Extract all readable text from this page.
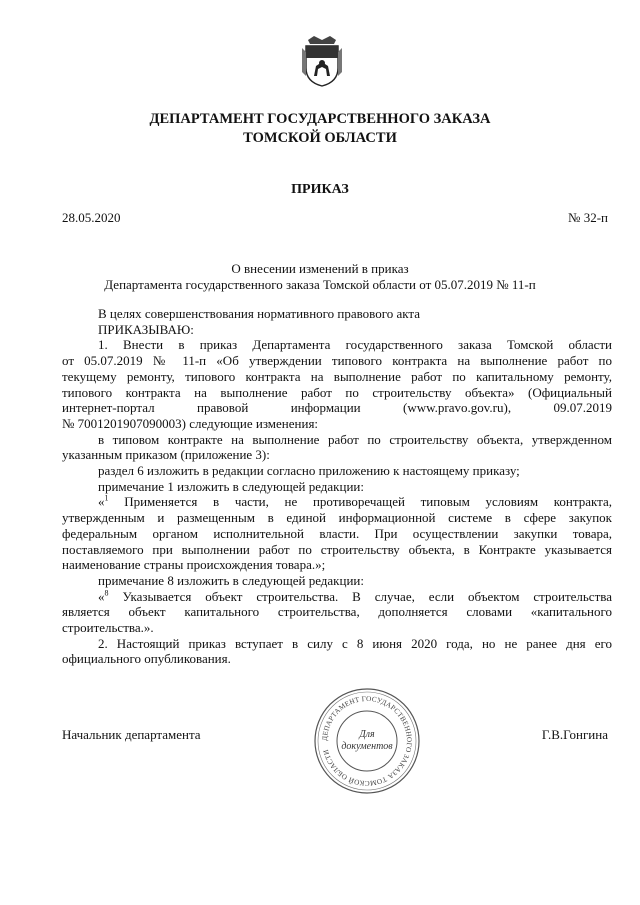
ДЕПАРТАМЕНТ ГОСУДАРСТВЕННОГО ЗАКАЗА
ТОМСКОЙ ОБЛАСТИ
ПРИКАЗ
28.05.2020	№ 32-п
О внесении изменений в приказ
Департамента государственного заказа Томской области от 05.07.2019 № 11-п

В целях совершенствования нормативного правового акта

ПРИКАЗЫВАЮ:

1. Внести в приказ Департамента государственного заказа Томской области

от 05.07.2019 № 11-п «Об утверждении типового контракта на выполнение работ по

текущему ремонту, типового контракта на выполнение работ по капитальному ремонту,

типового контракта на выполнение работ по строительству объекта» (Официальный

интернет-портал правовой информации (www.pravo.gov.ru), 09.07.2019

№ 7001201907090003) следующие изменения:

в типовом контракте на выполнение работ по строительству объекта, утвержденном

указанным приказом (приложение 3):

раздел 6 изложить в редакции согласно приложению к настоящему приказу;

примечание 1 изложить в следующей редакции:

«$^1$ Применяется в части, не противоречащей типовым условиям контракта,

утвержденным и размещенным в единой информационной системе в сфере закупок

федеральным органом исполнительной власти. При осуществлении закупки товара,

поставляемого при выполнении работ по строительству объекта, в Контракте указывается

наименование страны происхождения товара.»;

примечание 8 изложить в следующей редакции:

«$^8$ Указывается объект строительства. В случае, если объектом строительства

является объект капитального строительства, дополняется словами «капитального

строительства.».

2. Настоящий приказ вступает в силу с 8 июня 2020 года, но не ранее дня его

официального опубликования.

ДЕПАРТАМЕНТ ГОСУДАРСТВЕННОГО ЗАКАЗА ТОМСКОЙ ОБЛАСТИ
Для
документов
Начальник департамента	Г.В.Гонгина
